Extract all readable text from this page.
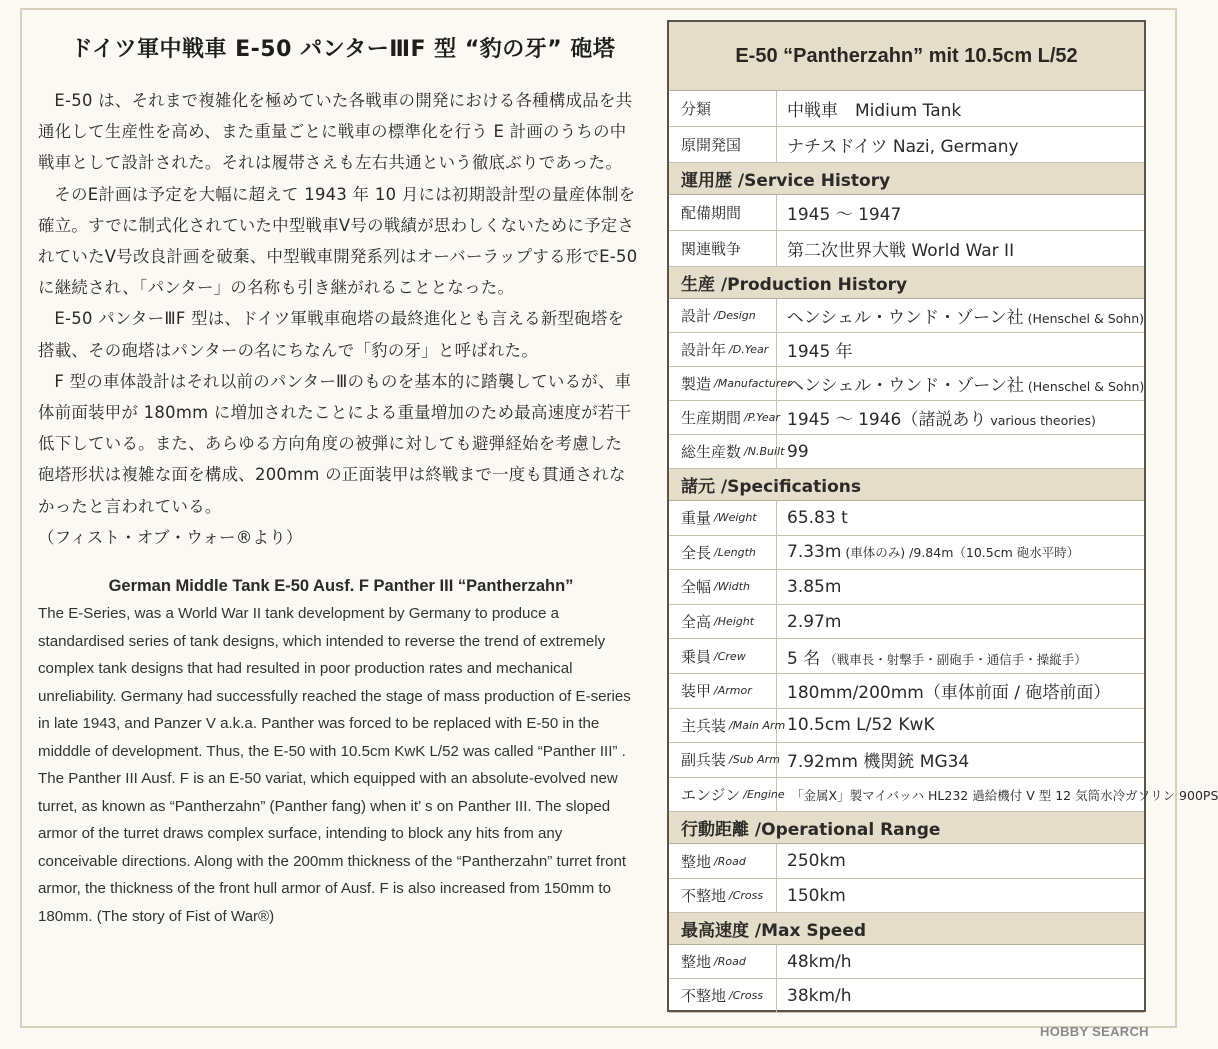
ドイツ軍中戦車 E-50 パンターⅢF 型 “豹の牙” 砲塔

E-50 は、それまで複雑化を極めていた各戦車の開発における各種構成品を共通化して生産性を高め、また重量ごとに戦車の標準化を行う E 計画のうちの中戦車として設計された。それは履帯さえも左右共通という徹底ぶりであった。

そのE計画は予定を大幅に超えて 1943 年 10 月には初期設計型の量産体制を確立。すでに制式化されていた中型戦車Ⅴ号の戦績が思わしくないために予定されていたⅤ号改良計画を破棄、中型戦車開発系列はオーバーラップする形でE-50 に継続され、「パンター」の名称も引き継がれることとなった。

E-50 パンターⅢF 型は、ドイツ軍戦車砲塔の最終進化とも言える新型砲塔を搭載、その砲塔はパンターの名にちなんで「豹の牙」と呼ばれた。

F 型の車体設計はそれ以前のパンターⅢのものを基本的に踏襲しているが、車体前面装甲が 180mm に増加されたことによる重量増加のため最高速度が若干低下している。また、あらゆる方向角度の被弾に対しても避弾経始を考慮した砲塔形状は複雑な面を構成、200mm の正面装甲は終戦まで一度も貫通されなかったと言われている。

（フィスト・オブ・ウォー®より）

German Middle Tank E-50 Ausf. F Panther III “Pantherzahn”

The E-Series, was a World War II tank development by Germany to produce a standardised series of tank designs, which intended to reverse the trend of extremely complex tank designs that had resulted in poor production rates and mechanical unreliability. Germany had successfully reached the stage of mass production of E-series in late 1943, and Panzer V a.k.a. Panther was forced to be replaced with E-50 in the midddle of development. Thus, the E-50 with 10.5cm KwK L/52 was called “Panther III” . The Panther III Ausf. F is an E-50 variat, which equipped with an absolute-evolved new turret, as known as “Pantherzahn” (Panther fang) when it’ s on Panther III. The sloped armor of the turret draws complex surface, intending to block any hits from any conceivable directions. Along with the 200mm thickness of the “Pantherzahn” turret front armor, the thickness of the front hull armor of Ausf. F is also increased from 150mm to 180mm. (The story of Fist of War®)

E-50 “Pantherzahn” mit 10.5cm L/52
分類	中戦車　Midium Tank
原開発国	ナチスドイツ Nazi, Germany
運用歴 /Service History
配備期間	1945 〜 1947
関連戦争	第二次世界大戦 World War II
生産 /Production History
設計 /Design ヘンシェル・ウンド・ゾーン社 (Henschel & Sohn)
設計年 /D.Year 1945 年
製造 /Manufacturer
ヘンシェル・ウンド・ゾーン社 (Henschel & Sohn)
生産期間 /P.Year 1945 〜 1946（諸説あり various theories)
総生産数 /N.Built 99
諸元 /Specifications
重量 /Weight 65.83 t
全長 /Length 7.33m (車体のみ) /9.84m（10.5cm 砲水平時）
全幅 /Width 3.85m
全高 /Height 2.97m
乗員 /Crew 5 名 （戦車長・射撃手・副砲手・通信手・操縦手）
装甲 /Armor 180mm/200mm（車体前面 / 砲塔前面）
主兵装 /Main Arm 10.5cm L/52 KwK
副兵装 /Sub Arm 7.92mm 機関銃 MG34
エンジン /Engine 「金属Ⅹ」製マイバッハ HL232 過給機付 V 型 12 気筒水冷ガソリン 900PS
行動距離 /Operational Range
整地 /Road 250km
不整地 /Cross 150km
最高速度 /Max Speed
整地 /Road 48km/h
不整地 /Cross 38km/h
HOBBY SEARCH
